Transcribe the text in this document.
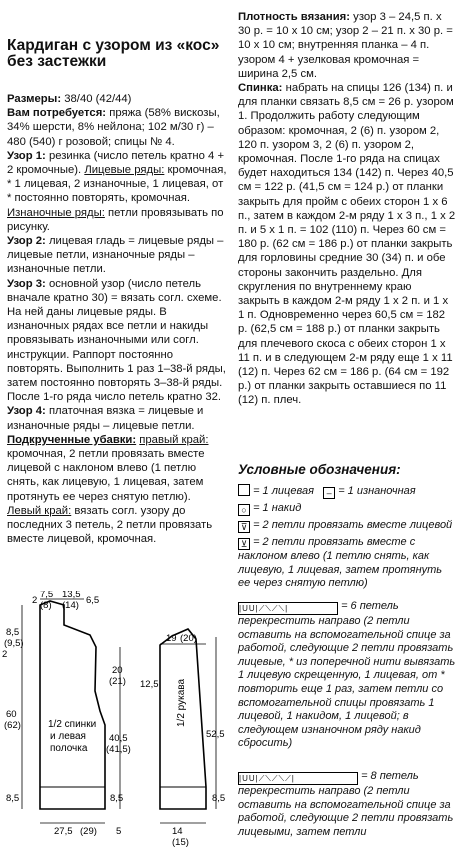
Кардиган с узором из «кос» без застежки

Размеры: 38/40 (42/44)

Вам потребуется: пряжа (58% вискозы, 34% шерсти, 8% нейлона; 102 м/30 г) – 480 (540) г розовой; спицы № 4.

Узор 1: резинка (число петель кратно 4 + 2 кромочные). Лицевые ряды: кромочная, * 1 лицевая, 2 изнаночные, 1 лицевая, от * постоянно повторять, кромочная. Изнаночные ряды: петли провязывать по рисунку.

Узор 2: лицевая гладь = лицевые ряды – лицевые петли, изнаночные ряды – изнаночные петли.

Узор 3: основной узор (число петель вначале кратно 30) = вязать согл. схеме. На ней даны лицевые ряды. В изнаночных рядах все петли и накиды провязывать изнаночными или согл. инструкции. Раппорт постоянно повторять. Выполнить 1 раз 1–38-й ряды, затем постоянно повторять 3–38-й ряды. После 1-го ряда число петель кратно 32.

Узор 4: платочная вязка = лицевые и изнаночные ряды – лицевые петли.

Подкрученные убавки: правый край: кромочная, 2 петли провязать вместе лицевой с наклоном влево (1 петлю снять, как лицевую, 1 лицевая, затем протянуть ее через снятую петлю). Левый край: вязать согл. узору до последних 3 петель, 2 петли провязать вместе лицевой, кромочная.

Плотность вязания: узор 3 – 24,5 п. х 30 р. = 10 х 10 см; узор 2 – 21 п. х 30 р. = 10 х 10 см; внутренняя планка – 4 п. узором 4 + узелковая кромочная = ширина 2,5 см.

Спинка: набрать на спицы 126 (134) п. и для планки связать 8,5 см = 26 р. узором 1. Продолжить работу следующим образом: кромочная, 2 (6) п. узором 2, 120 п. узором 3, 2 (6) п. узором 2, кромочная. После 1-го ряда на спицах будет находиться 134 (142) п. Через 40,5 см = 122 р. (41,5 см = 124 р.) от планки закрыть для пройм с обеих сторон 1 х 6 п., затем в каждом 2-м ряду 1 х 3 п., 1 х 2 п. и 5 х 1 п. = 102 (110) п. Через 60 см = 180 р. (62 см = 186 р.) от планки закрыть для горловины средние 30 (34) п. и обе стороны закончить раздельно. Для скругления по внутреннему краю закрыть в каждом 2-м ряду 1 х 2 п. и 1 х 1 п. Одновременно через 60,5 см = 182 р. (62,5 см = 188 р.) от планки закрыть для плечевого скоса с обеих сторон 1 х 11 п. и в следующем 2-м ряду еще 1 х 11 (12) п. Через 62 см = 186 р. (64 см = 192 р.) от планки закрыть оставшиеся по 11 (12) п. плеч.

Условные обозначения:
= 1 лицевая – = 1 изнаночная
○ = 1 накид
⊽ = 2 петли провязать вместе лицевой
⊻ = 2 петли провязать вместе с наклоном влево (1 петлю снять, как лицевую, 1 лицевая, затем протянуть ее через снятую петлю)
|UU|⟋⟍⟋⟍|	= 6 петель перекрестить направо (2 петли оставить на вспомогательной спице за работой, следующие 2 петли провязать лицевые, * из поперечной нити вывязать 1 лицевую скрещенную, 1 лицевая, от * повторить еще 1 раз, затем петли со вспомогательной спицы провязать 1 лицевой, 1 накидом, 1 лицевой; в следующем изнаночном ряду накид сбросить)
|UU|⟋⟍⟋⟍⟋|	= 8 петель перекрестить направо (2 петли оставить на вспомогательной спице за работой, следующие 2 петли провязать лицевыми, затем петли
7,5 13,5
(8) (14) 6,5
2
8,5
(9,5)
2
60
(62)
8,5
1/2 спинки
и левая
полочка
20
(21)
40,5
(41,5)
8,5
27,5 (29) 5
19 (20)
12,5 1/2 рукава
52,5
8,5
14
(15)
